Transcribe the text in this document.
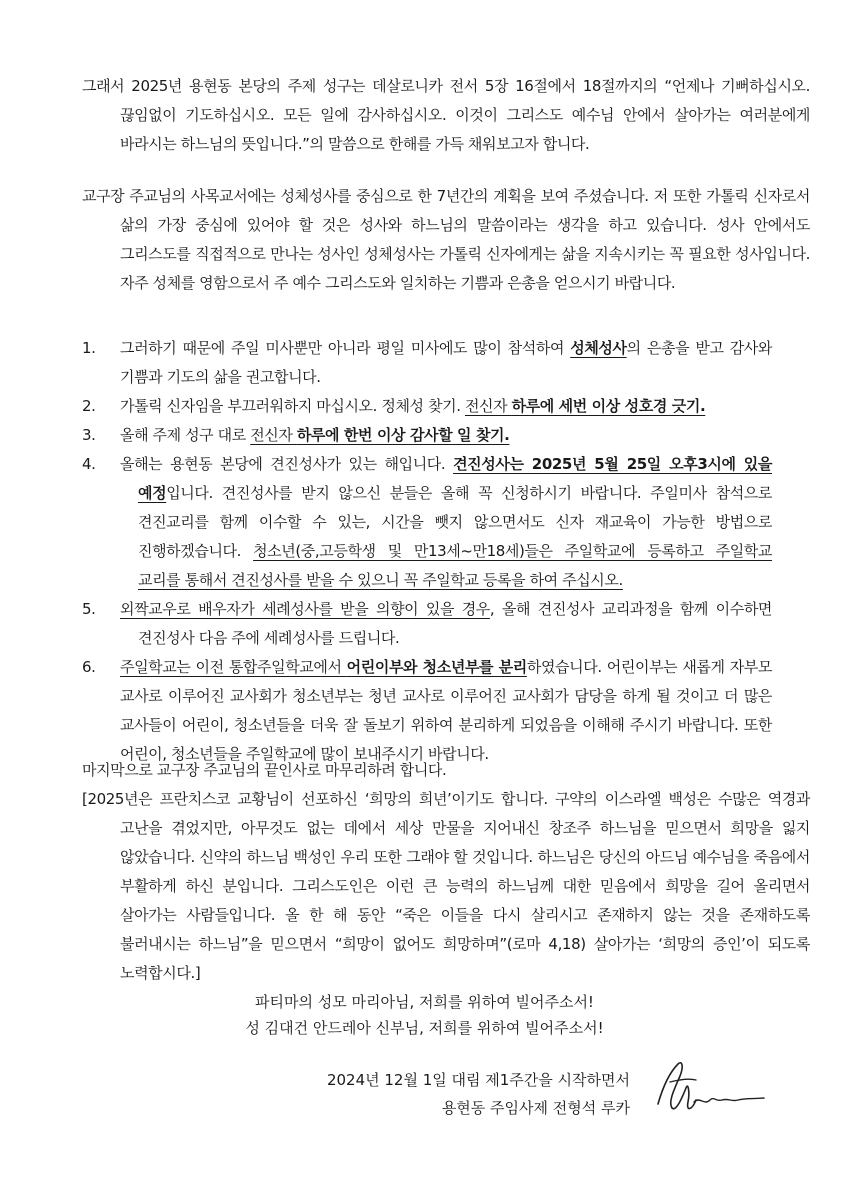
그래서 2025년 용현동 본당의 주제 성구는 데살로니카 전서 5장 16절에서 18절까지의 “언제나 기뻐하십시오. 끊임없이 기도하십시오. 모든 일에 감사하십시오. 이것이 그리스도 예수님 안에서 살아가는 여러분에게 바라시는 하느님의 뜻입니다.”의 말씀으로 한해를 가득 채워보고자 합니다.

교구장 주교님의 사목교서에는 성체성사를 중심으로 한 7년간의 계획을 보여 주셨습니다. 저 또한 가톨릭 신자로서 삶의 가장 중심에 있어야 할 것은 성사와 하느님의 말씀이라는 생각을 하고 있습니다. 성사 안에서도 그리스도를 직접적으로 만나는 성사인 성체성사는 가톨릭 신자에게는 삶을 지속시키는 꼭 필요한 성사입니다. 자주 성체를 영함으로서 주 예수 그리스도와 일치하는 기쁨과 은총을 얻으시기 바랍니다.

1. 그러하기 때문에 주일 미사뿐만 아니라 평일 미사에도 많이 참석하여 성체성사의 은총을 받고 감사와 기쁨과 기도의 삶을 권고합니다.
2. 가톨릭 신자임을 부끄러워하지 마십시오. 정체성 찾기. 전신자 하루에 세번 이상 성호경 긋기.
3. 올해 주제 성구 대로 전신자 하루에 한번 이상 감사할 일 찾기.
4. 올해는 용현동 본당에 견진성사가 있는 해입니다. 견진성사는 2025년 5월 25일 오후3시에 있을 예정입니다. 견진성사를 받지 않으신 분들은 올해 꼭 신청하시기 바랍니다. 주일미사 참석으로 견진교리를 함께 이수할 수 있는, 시간을 뺏지 않으면서도 신자 재교육이 가능한 방법으로 진행하겠습니다. 청소년(중,고등학생 및 만13세~만18세)들은 주일학교에 등록하고 주일학교 교리를 통해서 견진성사를 받을 수 있으니 꼭 주일학교 등록을 하여 주십시오.
5. 외짝교우로 배우자가 세례성사를 받을 의향이 있을 경우, 올해 견진성사 교리과정을 함께 이수하면 견진성사 다음 주에 세례성사를 드립니다.
6. 주일학교는 이전 통합주일학교에서 어린이부와 청소년부를 분리하였습니다. 어린이부는 새롭게 자부모 교사로 이루어진 교사회가 청소년부는 청년 교사로 이루어진 교사회가 담당을 하게 될 것이고 더 많은 교사들이 어린이, 청소년들을 더욱 잘 돌보기 위하여 분리하게 되었음을 이해해 주시기 바랍니다. 또한 어린이, 청소년들을 주일학교에 많이 보내주시기 바랍니다.

마지막으로 교구장 주교님의 끝인사로 마무리하려 합니다.

[2025년은 프란치스코 교황님이 선포하신 ‘희망의 희년’이기도 합니다. 구약의 이스라엘 백성은 수많은 역경과 고난을 겪었지만, 아무것도 없는 데에서 세상 만물을 지어내신 창조주 하느님을 믿으면서 희망을 잃지 않았습니다. 신약의 하느님 백성인 우리 또한 그래야 할 것입니다. 하느님은 당신의 아드님 예수님을 죽음에서 부활하게 하신 분입니다. 그리스도인은 이런 큰 능력의 하느님께 대한 믿음에서 희망을 길어 올리면서 살아가는 사람들입니다. 올 한 해 동안 “죽은 이들을 다시 살리시고 존재하지 않는 것을 존재하도록 불러내시는 하느님”을 믿으면서 “희망이 없어도 희망하며”(로마 4,18) 살아가는 ‘희망의 증인’이 되도록 노력합시다.]

파티마의 성모 마리아님, 저희를 위하여 빌어주소서!
성 김대건 안드레아 신부님, 저희를 위하여 빌어주소서!
2024년 12월 1일 대림 제1주간을 시작하면서
용현동 주임사제 전형석 루카
